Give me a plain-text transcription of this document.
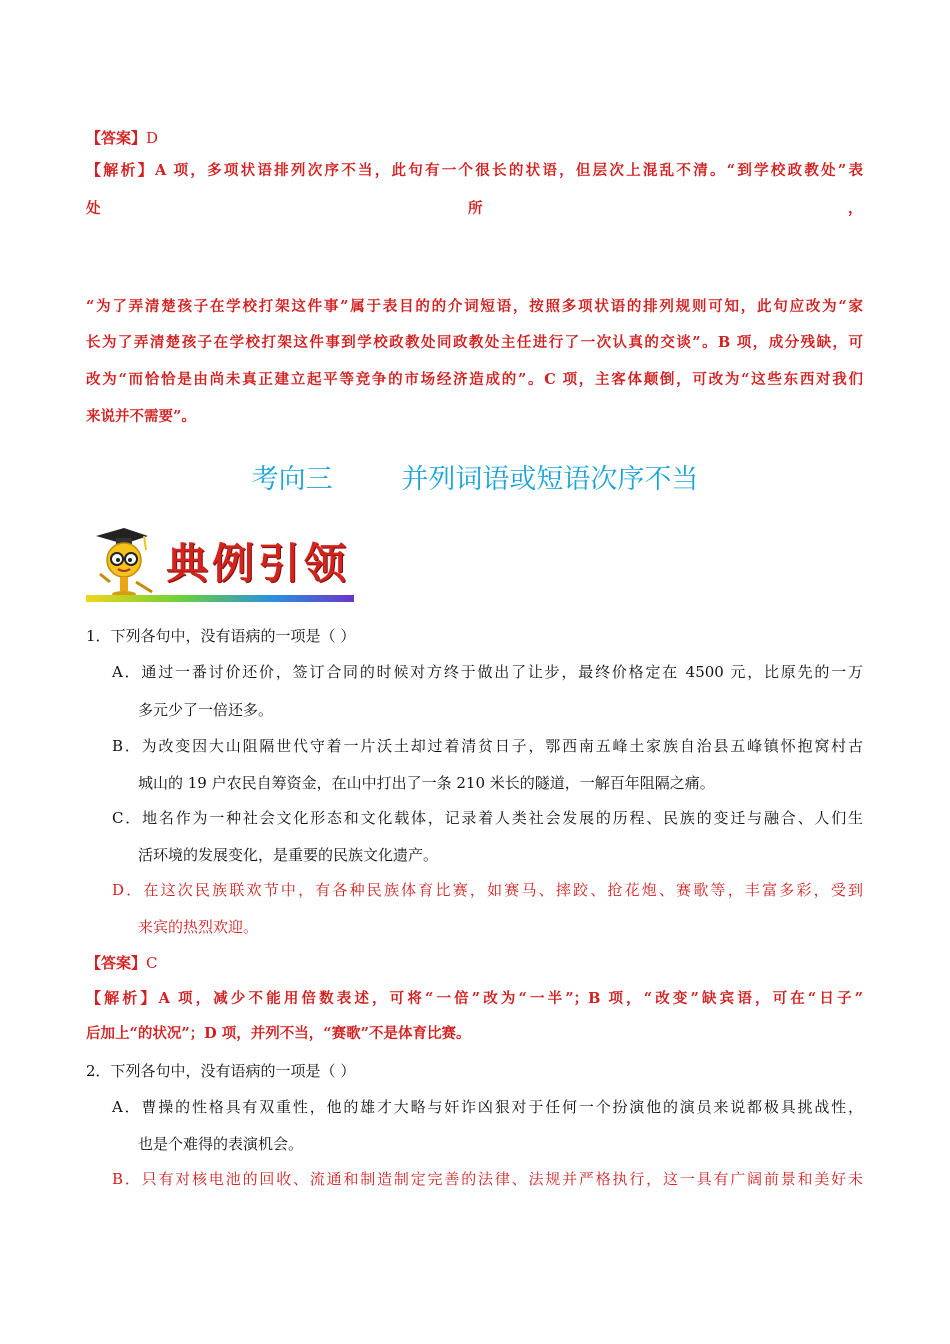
【答案】D
【解析】A 项，多项状语排列次序不当，此句有一个很长的状语，但层次上混乱不清。“到学校政教处”表
处	所	，
“为了弄清楚孩子在学校打架这件事”属于表目的的介词短语，按照多项状语的排列规则可知，此句应改为“家
长为了弄清楚孩子在学校打架这件事到学校政教处同政教处主任进行了一次认真的交谈”。B 项，成分残缺，可
改为“而恰恰是由尚未真正建立起平等竞争的市场经济造成的”。C 项，主客体颠倒，可改为“这些东西对我们
来说并不需要”。
考向三	并列词语或短语次序不当
典例引领
1．下列各句中，没有语病的一项是（ ）
A．通过一番讨价还价，签订合同的时候对方终于做出了让步，最终价格定在 4500 元，比原先的一万
多元少了一倍还多。
B．为改变因大山阻隔世代守着一片沃土却过着清贫日子，鄂西南五峰土家族自治县五峰镇怀抱窝村古
城山的 19 户农民自筹资金，在山中打出了一条 210 米长的隧道，一解百年阻隔之痛。
C．地名作为一种社会文化形态和文化载体，记录着人类社会发展的历程、民族的变迁与融合、人们生
活环境的发展变化，是重要的民族文化遗产。
D．在这次民族联欢节中，有各种民族体育比赛，如赛马、摔跤、抢花炮、赛歌等，丰富多彩，受到
来宾的热烈欢迎。
【答案】C
【解析】A 项，减少不能用倍数表述，可将“一倍”改为“一半”；B 项，“改变”缺宾语，可在“日子”
后加上“的状况”；D 项，并列不当，“赛歌”不是体育比赛。
2．下列各句中，没有语病的一项是（ ）
A．曹操的性格具有双重性，他的雄才大略与奸诈凶狠对于任何一个扮演他的演员来说都极具挑战性，
也是个难得的表演机会。
B．只有对核电池的回收、流通和制造制定完善的法律、法规并严格执行，这一具有广阔前景和美好未
